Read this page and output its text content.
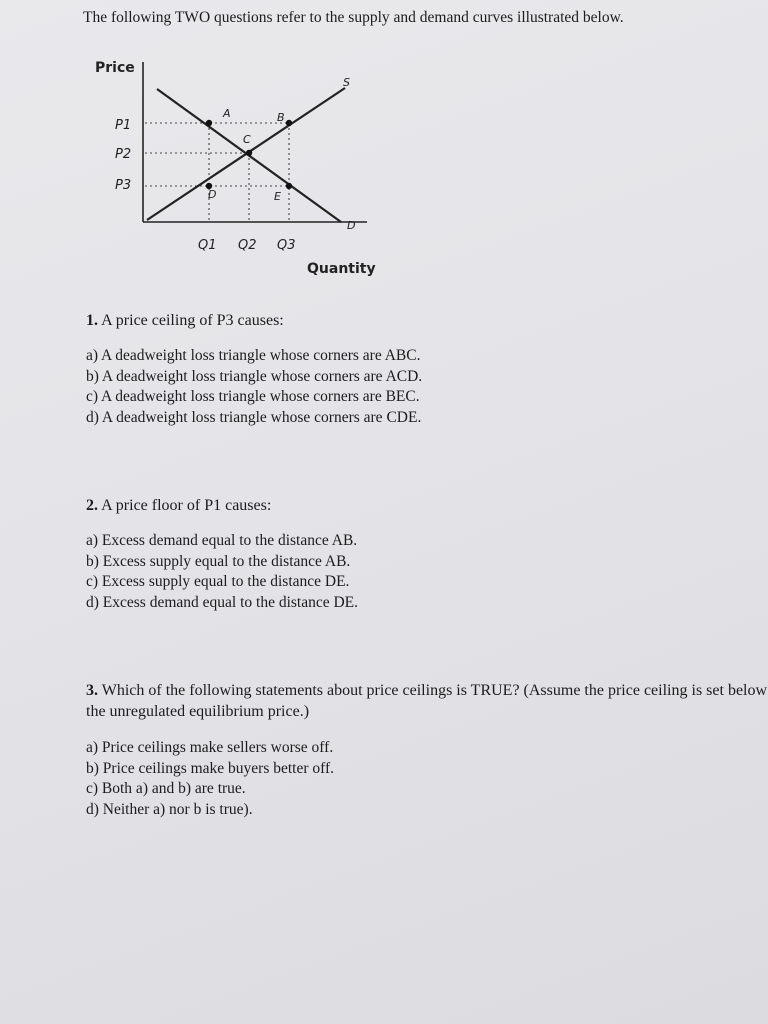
The following TWO questions refer to the supply and demand curves illustrated below.
Price
Quantity
P1
P2
P3
Q1 Q2 Q3
A	B
C
D	E
S
D
1. A price ceiling of P3 causes:
a) A deadweight loss triangle whose corners are ABC.
b) A deadweight loss triangle whose corners are ACD.
c) A deadweight loss triangle whose corners are BEC.
d) A deadweight loss triangle whose corners are CDE.
2. A price floor of P1 causes:
a) Excess demand equal to the distance AB.
b) Excess supply equal to the distance AB.
c) Excess supply equal to the distance DE.
d) Excess demand equal to the distance DE.
3. Which of the following statements about price ceilings is TRUE? (Assume the price ceiling is set below the unregulated equilibrium price.)
a) Price ceilings make sellers worse off.
b) Price ceilings make buyers better off.
c) Both a) and b) are true.
d) Neither a) nor b is true).
